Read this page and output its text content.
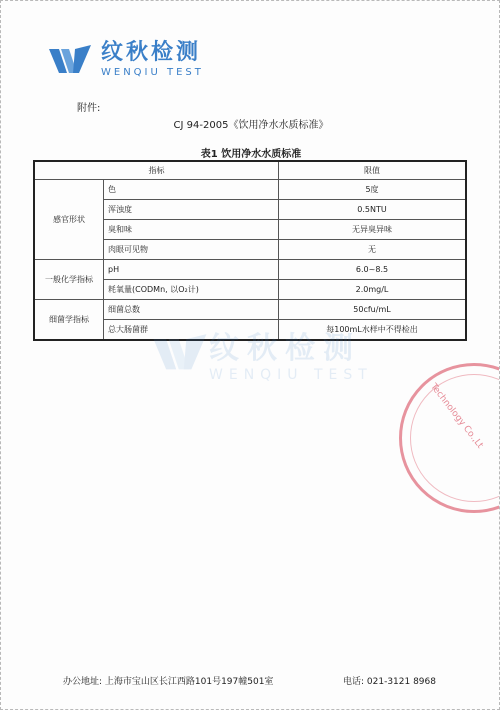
纹秋检测
WENQIU TEST
附件:
CJ 94-2005《饮用净水水质标准》
表1 饮用净水水质标准
指标		限值
感官形状	色	5度
	浑浊度	0.5NTU
	臭和味	无异臭异味
	肉眼可见物	无
一般化学指标	pH	6.0~8.5
	耗氧量(CODMn, 以O₂计)	2.0mg/L
细菌学指标	细菌总数	50cfu/mL
	总大肠菌群	每100mL水样中不得检出
纹秋检测
WENQIU TEST
Technology Co.,Lt
办公地址: 上海市宝山区长江西路101号197幢501室	电话: 021-3121 8968
